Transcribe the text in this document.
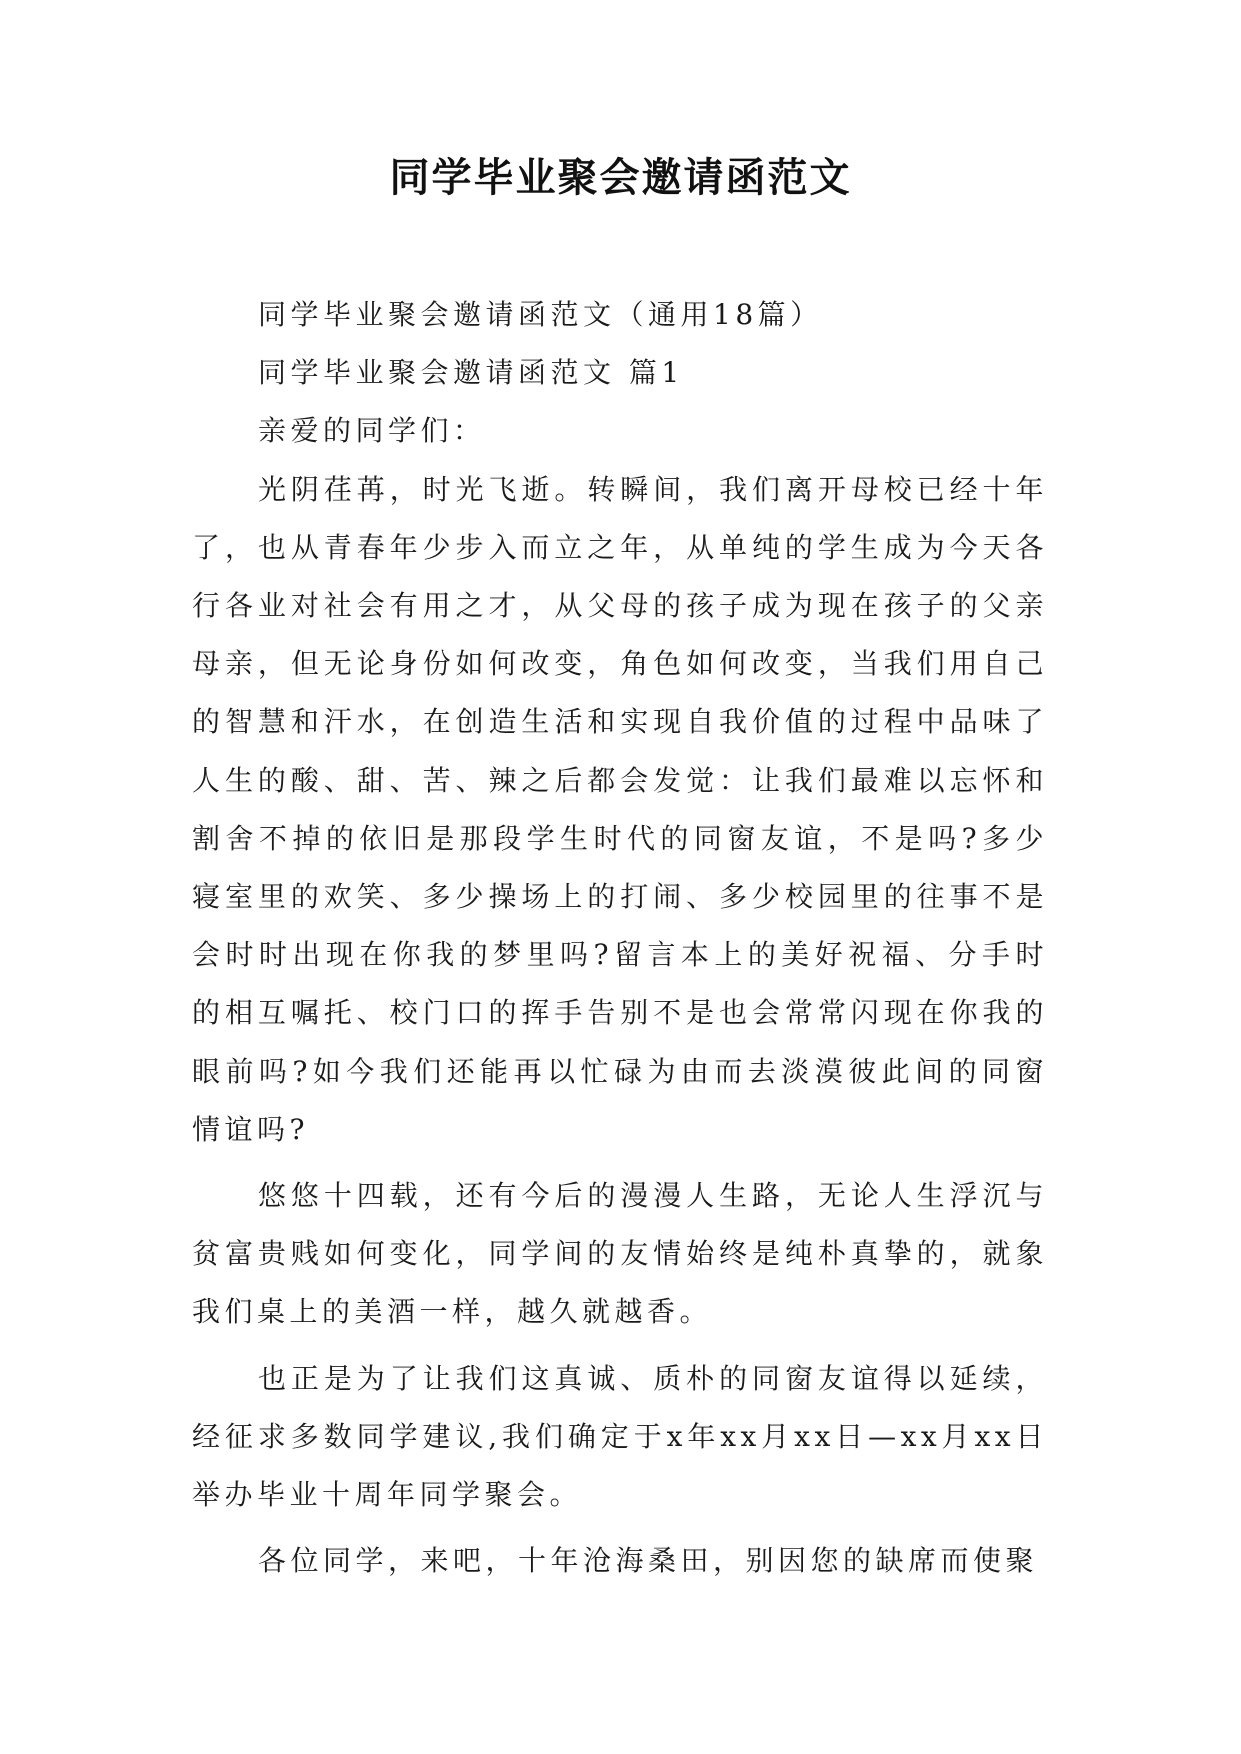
同学毕业聚会邀请函范文

同学毕业聚会邀请函范文（通用18篇）

同学毕业聚会邀请函范文 篇1

亲爱的同学们：

光阴荏苒，时光飞逝。转瞬间，我们离开母校已经十年了，也从青春年少步入而立之年，从单纯的学生成为今天各行各业对社会有用之才，从父母的孩子成为现在孩子的父亲母亲，但无论身份如何改变，角色如何改变，当我们用自己的智慧和汗水，在创造生活和实现自我价值的过程中品味了人生的酸、甜、苦、辣之后都会发觉：让我们最难以忘怀和割舍不掉的依旧是那段学生时代的同窗友谊，不是吗?多少寝室里的欢笑、多少操场上的打闹、多少校园里的往事不是会时时出现在你我的梦里吗?留言本上的美好祝福、分手时的相互嘱托、校门口的挥手告别不是也会常常闪现在你我的眼前吗?如今我们还能再以忙碌为由而去淡漠彼此间的同窗情谊吗?

悠悠十四载，还有今后的漫漫人生路，无论人生浮沉与贫富贵贱如何变化，同学间的友情始终是纯朴真挚的，就象我们桌上的美酒一样，越久就越香。

也正是为了让我们这真诚、质朴的同窗友谊得以延续，经征求多数同学建议,我们确定于x年xx月xx日—xx月xx日举办毕业十周年同学聚会。

各位同学，来吧，十年沧海桑田，别因您的缺席而使聚
